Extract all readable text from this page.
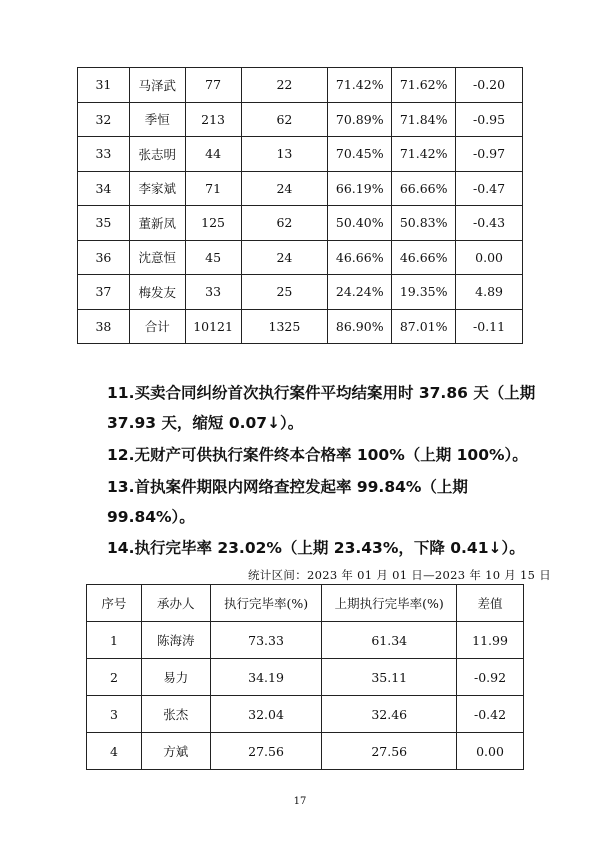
31	马泽武	77	22	71.42%	71.62%	-0.20
32	季恒	213	62	70.89%	71.84%	-0.95
33	张志明	44	13	70.45%	71.42%	-0.97
34	李家斌	71	24	66.19%	66.66%	-0.47
35	董新凤	125	62	50.40%	50.83%	-0.43
36	沈意恒	45	24	46.66%	46.66%	0.00
37	梅发友	33	25	24.24%	19.35%	4.89
38	合计	10121	1325	86.90%	87.01%	-0.11

11.买卖合同纠纷首次执行案件平均结案用时 37.86 天（上期 37.93 天，缩短 0.07↓）。

12.无财产可供执行案件终本合格率 100%（上期 100%）。

13.首执案件期限内网络查控发起率 99.84%（上期 99.84%）。

14.执行完毕率 23.02%（上期 23.43%，下降 0.41↓）。

统计区间：2023 年 01 月 01 日—2023 年 10 月 15 日
序号	承办人	执行完毕率(%)	上期执行完毕率(%)	差值
1	陈海涛	73.33	61.34	11.99
2	易力	34.19	35.11	-0.92
3	张杰	32.04	32.46	-0.42
4	方斌	27.56	27.56	0.00
17
